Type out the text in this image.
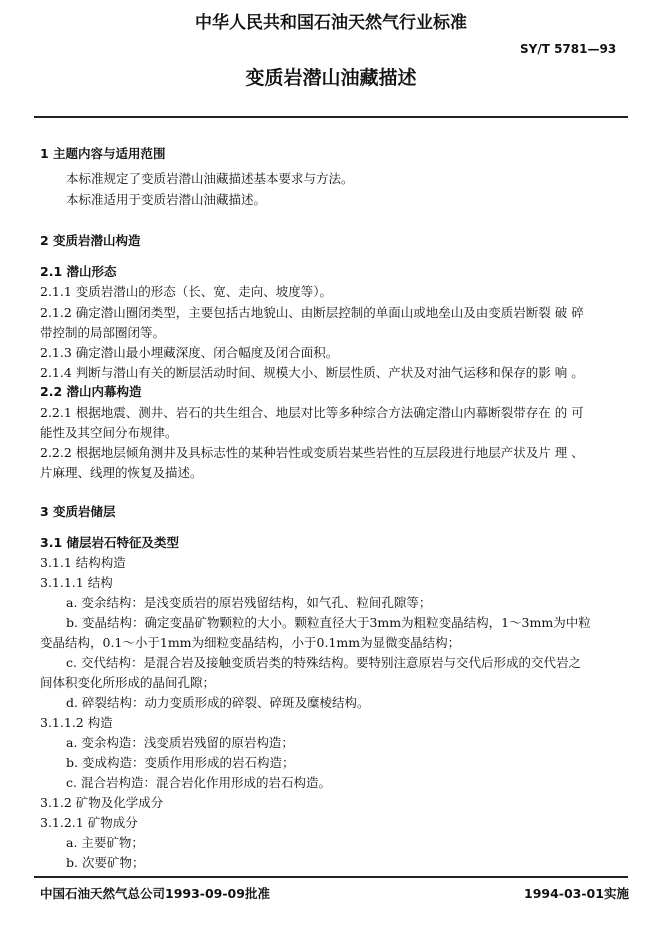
中华人民共和国石油天然气行业标准
SY/T 5781—93
变质岩潜山油藏描述
1 主题内容与适用范围
本标准规定了变质岩潜山油藏描述基本要求与方法。
本标准适用于变质岩潜山油藏描述。
2 变质岩潜山构造
2.1 潜山形态
2.1.1 变质岩潜山的形态（长、宽、走向、坡度等）。
2.1.2 确定潜山圈闭类型，主要包括古地貌山、由断层控制的单面山或地垒山及由变质岩断裂 破 碎
带控制的局部圈闭等。
2.1.3 确定潜山最小埋藏深度、闭合幅度及闭合面积。
2.1.4 判断与潜山有关的断层活动时间、规模大小、断层性质、产状及对油气运移和保存的影 响 。
2.2 潜山内幕构造
2.2.1 根据地震、测井、岩石的共生组合、地层对比等多种综合方法确定潜山内幕断裂带存在 的 可
能性及其空间分布规律。
2.2.2 根据地层倾角测井及具标志性的某种岩性或变质岩某些岩性的互层段进行地层产状及片 理 、
片麻理、线理的恢复及描述。
3 变质岩储层
3.1 储层岩石特征及类型
3.1.1 结构构造
3.1.1.1 结构
a. 变余结构：是浅变质岩的原岩残留结构，如气孔、粒间孔隙等；
b. 变晶结构：确定变晶矿物颗粒的大小。颗粒直径大于3mm为粗粒变晶结构，1～3mm为中粒
变晶结构，0.1～小于1mm为细粒变晶结构，小于0.1mm为显微变晶结构；
c. 交代结构：是混合岩及接触变质岩类的特殊结构。要特别注意原岩与交代后形成的交代岩之
间体积变化所形成的晶间孔隙；
d. 碎裂结构：动力变质形成的碎裂、碎斑及糜棱结构。
3.1.1.2 构造
a. 变余构造：浅变质岩残留的原岩构造；
b. 变成构造：变质作用形成的岩石构造；
c. 混合岩构造：混合岩化作用形成的岩石构造。
3.1.2 矿物及化学成分
3.1.2.1 矿物成分
a. 主要矿物；
b. 次要矿物；
中国石油天然气总公司1993-09-09批准	1994-03-01实施
